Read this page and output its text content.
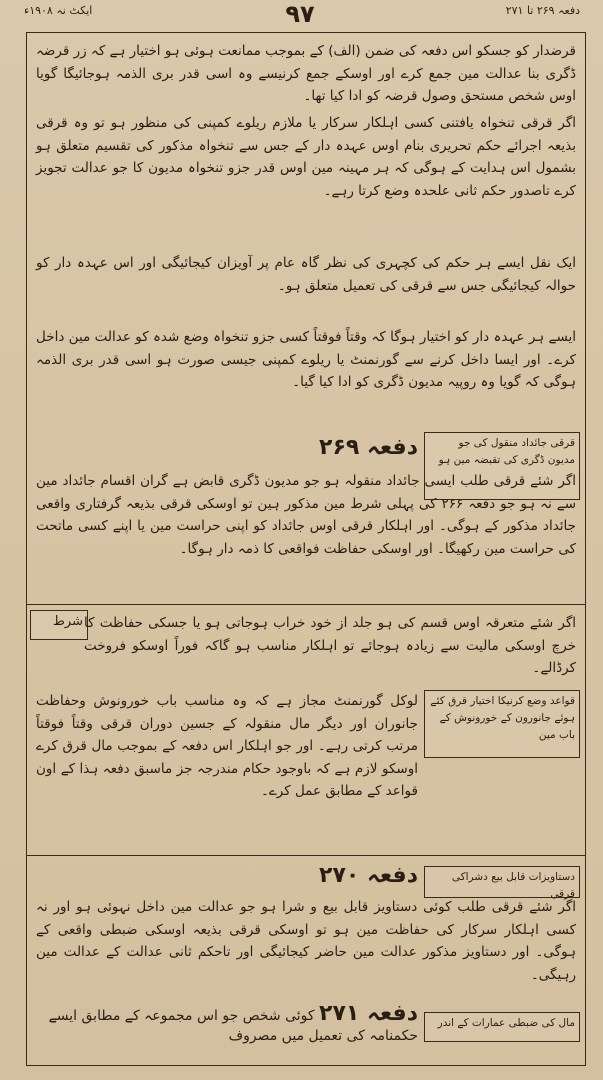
ایکٹ نہ ۱۹۰۸ء	۹۷	دفعہ ۲۶۹ تا ۲۷۱
قرضدار کو جسکو اس دفعہ کی ضمن (الف) کے بموجب ممانعت ہوئی ہو اختیار ہے کہ زر قرضہ ڈگری بنا عدالت مین جمع کرے اور اوسکے جمع کرنیسے وہ اسی قدر بری الذمہ ہوجائیگا گویا اوس شخص مستحق وصول قرضہ کو ادا کیا تھا۔
اگر قرقی تنخواہ یافتنی کسی اہلکار سرکار یا ملازم ریلوے کمپنی کی منظور ہو تو وہ قرقی بذیعہ اجرائے حکم تحریری بنام اوس عہدہ دار کے جس سے تنخواہ مذکور کی تقسیم متعلق ہو بشمول اس ہدایت کے ہوگی کہ ہر مہینہ مین اوس قدر جزو تنخواہ مدیون کا جو عدالت تجویز کرے تاصدور حکم ثانی علحدہ وضع کرتا رہے۔
ایک نقل ایسے ہر حکم کی کچہری کی نظر گاہ عام پر آویزان کیجائیگی اور اس عہدہ دار کو حوالہ کیجائیگی جس سے قرقی کی تعمیل متعلق ہو۔
ایسے ہر عہدہ دار کو اختیار ہوگا کہ وقتاً فوقتاً کسی جزو تنخواہ وضع شدہ کو عدالت مین داخل کرے۔ اور ایسا داخل کرنے سے گورنمنٹ یا ریلوے کمپنی جیسی صورت ہو اسی قدر بری الذمہ ہوگی کہ گویا وہ روپیہ مدیون ڈگری کو ادا کیا گیا۔
قرقی جائداد منقول کی جو مدیون ڈگری کی تقبضہ مین ہو
دفعہ ۲۶۹
اگر شئے قرقی طلب ایسی جائداد منقولہ ہو جو مدیون ڈگری قابض ہے گران اقسام جائداد مین سے نہ ہو جو دفعہ ۲۶۶ کی پہلی شرط مین مذکور ہین تو اوسکی قرقی بذیعہ گرفتاری واقعی جائداد مذکور کے ہوگی۔ اور اہلکار قرقی اوس جائداد کو اپنی حراست مین یا اپنے کسی ماتحت کی حراست مین رکھیگا۔ اور اوسکی حفاظت فواقعی کا ذمہ دار ہوگا۔
شرط اگر شئے متعرقہ اوس قسم کی ہو جلد از خود خراب ہوجاتی ہو یا جسکی حفاظت کا خرچ اوسکی مالیت سے زیادہ ہوجائے تو اہلکار مناسب ہو گاکہ فوراً اوسکو فروخت کرڈالے۔
قواعد وضع کرنیکا اختیار قرق کئے ہوئے جانورون کے خورونوش کے باب مین
لوکل گورنمنٹ مجاز ہے کہ وہ مناسب باب خورونوش وحفاظت جانوران اور دیگر مال منقولہ کے جسین دوران قرقی وقتاً فوقتاً مرتب کرتی رہے۔ اور جو اہلکار اس دفعہ کے بموجب مال قرق کرے اوسکو لازم ہے کہ باوجود حکام مندرجہ جز ماسبق دفعہ ہذا کے اون قواعد کے مطابق عمل کرے۔
دستاویزات قابل بیع دشراکی قرقی
دفعہ ۲۷۰
اگر شئے قرقی طلب کوئی دستاویز قابل بیع و شرا ہو جو عدالت مین داخل نہوئی ہو اور نہ کسی اہلکار سرکار کی حفاظت مین ہو تو اوسکی قرقی بذیعہ اوسکی ضبطی واقعی کے ہوگی۔ اور دستاویز مذکور عدالت مین حاضر کیجائیگی اور تاحکم ثانی عدالت کے عدالت مین رہیگی۔
مال کی ضبطی عمارات کے اندر
دفعہ ۲۷۱ کوئی شخص جو اس مجموعہ کے مطابق ایسے حکمنامہ کی تعمیل میں مصروف
